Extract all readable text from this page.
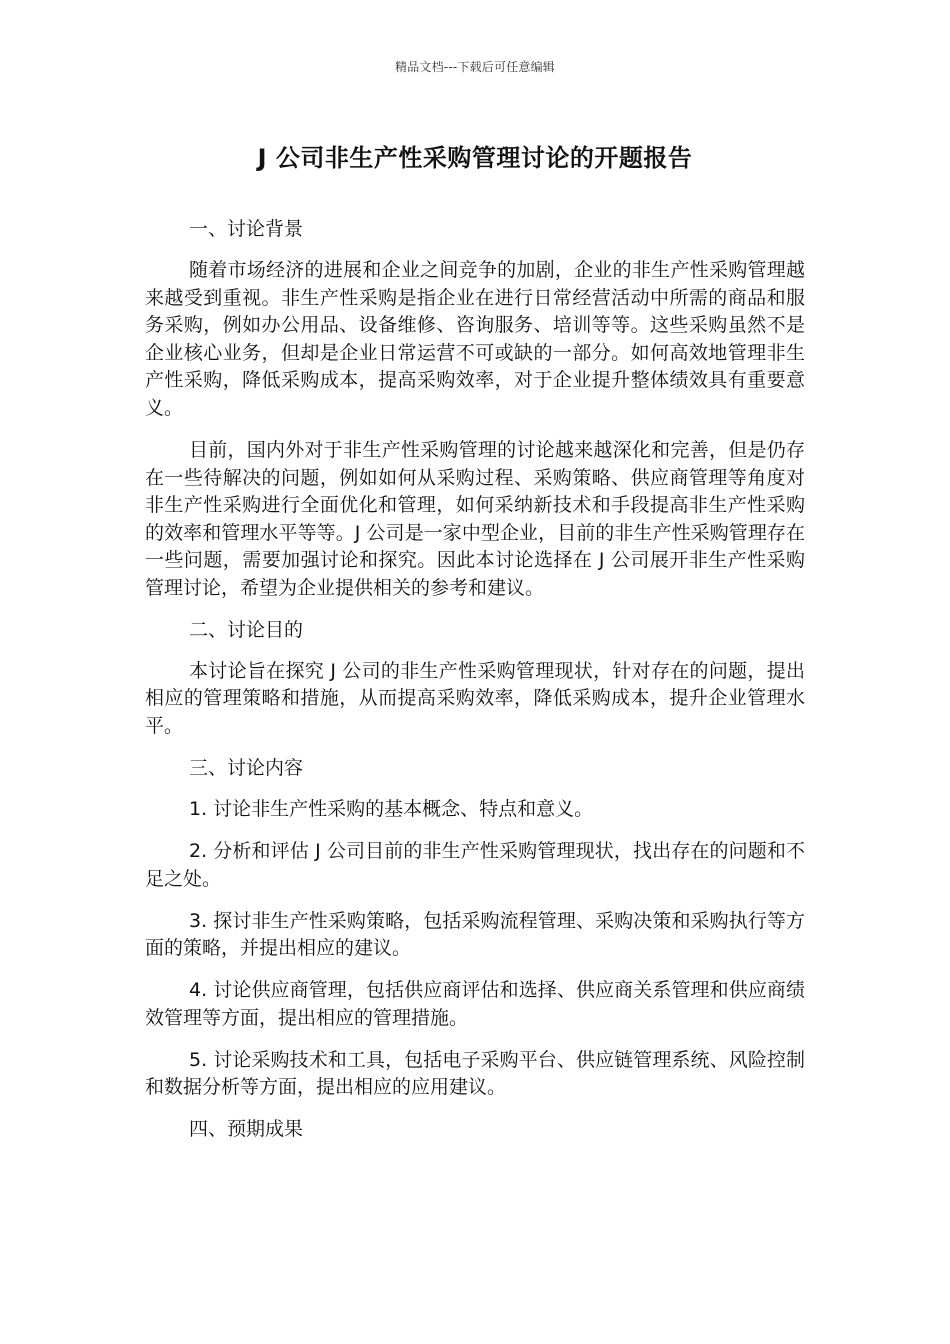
精品文档---下载后可任意编辑
J 公司非生产性采购管理讨论的开题报告

一、讨论背景

随着市场经济的进展和企业之间竞争的加剧，企业的非生产性采购管理越来越受到重视。非生产性采购是指企业在进行日常经营活动中所需的商品和服务采购，例如办公用品、设备维修、咨询服务、培训等等。这些采购虽然不是企业核心业务，但却是企业日常运营不可或缺的一部分。如何高效地管理非生产性采购，降低采购成本，提高采购效率，对于企业提升整体绩效具有重要意义。

目前，国内外对于非生产性采购管理的讨论越来越深化和完善，但是仍存在一些待解决的问题，例如如何从采购过程、采购策略、供应商管理等角度对非生产性采购进行全面优化和管理，如何采纳新技术和手段提高非生产性采购的效率和管理水平等等。J 公司是一家中型企业，目前的非生产性采购管理存在一些问题，需要加强讨论和探究。因此本讨论选择在 J 公司展开非生产性采购管理讨论，希望为企业提供相关的参考和建议。

二、讨论目的

本讨论旨在探究 J 公司的非生产性采购管理现状，针对存在的问题，提出相应的管理策略和措施，从而提高采购效率，降低采购成本，提升企业管理水平。

三、讨论内容

1. 讨论非生产性采购的基本概念、特点和意义。

2. 分析和评估 J 公司目前的非生产性采购管理现状，找出存在的问题和不足之处。

3. 探讨非生产性采购策略，包括采购流程管理、采购决策和采购执行等方面的策略，并提出相应的建议。

4. 讨论供应商管理，包括供应商评估和选择、供应商关系管理和供应商绩效管理等方面，提出相应的管理措施。

5. 讨论采购技术和工具，包括电子采购平台、供应链管理系统、风险控制和数据分析等方面，提出相应的应用建议。

四、预期成果
